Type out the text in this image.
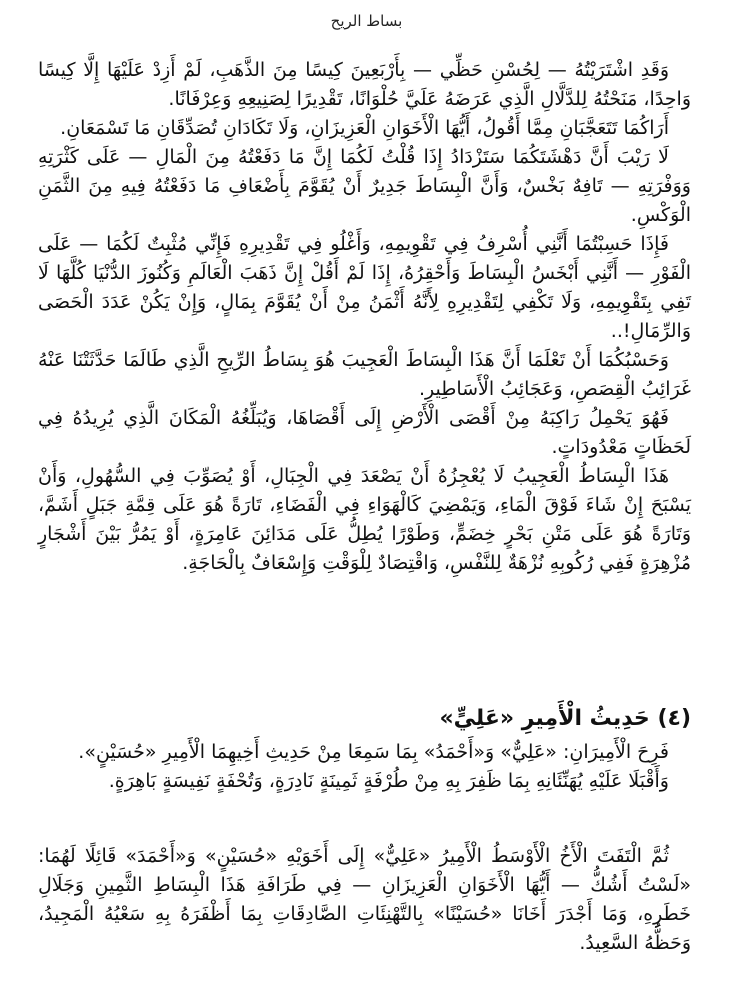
بساط الريح

وَقَدِ اشْتَرَيْتُهُ — لِحُسْنِ حَظِّي — بِأَرْبَعِينَ كِيسًا مِنَ الذَّهَبِ، لَمْ أَزِدْ عَلَيْهَا إِلَّا كِيسًا وَاحِدًا، مَنَحْتُهُ لِلدَّلَّالِ الَّذِي عَرَضَهُ عَلَيَّ حُلْوَانًا، تَقْدِيرًا لِصَنِيعِهِ وَعِرْفَانًا.

أَرَاكُمَا تَتَعَجَّبَانِ مِمَّا أَقُولُ، أَيُّهَا الْأَخَوَانِ الْعَزِيزَانِ، وَلَا تَكَادَانِ تُصَدِّقَانِ مَا تَسْمَعَانِ.

لَا رَيْبَ أَنَّ دَهْشَتَكُمَا سَتَزْدَادُ إِذَا قُلْتُ لَكُمَا إِنَّ مَا دَفَعْتُهُ مِنَ الْمَالِ — عَلَى كَثْرَتِهِ وَوَفْرَتِهِ — تَافِهٌ بَخْسٌ، وَأَنَّ الْبِسَاطَ جَدِيرٌ أَنْ يُقَوَّمَ بِأَضْعَافِ مَا دَفَعْتُهُ فِيهِ مِنَ الثَّمَنِ الْوَكْسِ.

فَإِذَا حَسِبْتُمَا أَنَّنِي أُسْرِفُ فِي تَقْوِيمِهِ، وَأَغْلُو فِي تَقْدِيرِهِ فَإِنِّي مُثْبِتٌ لَكُمَا — عَلَى الْفَوْرِ — أَنَّنِي أَبْخَسُ الْبِسَاطَ وَأَحْقِرُهُ، إِذَا لَمْ أَقُلْ إِنَّ ذَهَبَ الْعَالَمِ وَكُنُوزَ الدُّنْيَا كُلَّهَا لَا تَفِي بِتَقْوِيمِهِ، وَلَا تَكْفِي لِتَقْدِيرِهِ لِأَنَّهُ أَثْمَنُ مِنْ أَنْ يُقَوَّمَ بِمَالٍ، وَإِنْ يَكُنْ عَدَدَ الْحَصَى وَالرِّمَالِ!..

وَحَسْبُكُمَا أَنْ تَعْلَمَا أَنَّ هَذَا الْبِسَاطَ الْعَجِيبَ هُوَ بِسَاطُ الرِّيحِ الَّذِي طَالَمَا حَدَّثَتْنَا عَنْهُ غَرَائِبُ الْقِصَصِ، وَعَجَائِبُ الْأَسَاطِيرِ.

فَهُوَ يَحْمِلُ رَاكِبَهُ مِنْ أَقْصَى الْأَرْضِ إِلَى أَقْصَاهَا، وَيُبَلِّغُهُ الْمَكَانَ الَّذِي يُرِيدُهُ فِي لَحَظَاتٍ مَعْدُودَاتٍ.

هَذَا الْبِسَاطُ الْعَجِيبُ لَا يُعْجِزُهُ أَنْ يَصْعَدَ فِي الْجِبَالِ، أَوْ يُصَوِّبَ فِي السُّهُولِ، وَأَنْ يَسْبَحَ إِنْ شَاءَ فَوْقَ الْمَاءِ، وَيَمْضِيَ كَالْهَوَاءِ فِي الْفَضَاءِ، تَارَةً هُوَ عَلَى قِمَّةِ جَبَلٍ أَشَمَّ، وَتَارَةً هُوَ عَلَى مَتْنِ بَحْرٍ خِضَمٍّ، وَطَوْرًا يُطِلُّ عَلَى مَدَائِنَ عَامِرَةٍ، أَوْ يَمُرُّ بَيْنَ أَشْجَارٍ مُزْهِرَةٍ فَفِي رُكُوبِهِ نُزْهَةٌ لِلنَّفْسِ، وَاقْتِصَادٌ لِلْوَقْتِ وَإِسْعَافٌ بِالْحَاجَةِ.

(٤) حَدِيثُ الْأَمِيرِ «عَلِيٍّ»

فَرِحَ الْأَمِيرَانِ: «عَلِيٌّ» وَ«أَحْمَدُ» بِمَا سَمِعَا مِنْ حَدِيثِ أَخِيهِمَا الْأَمِيرِ «حُسَيْنٍ».

وَأَقْبَلَا عَلَيْهِ يُهَنِّئَانِهِ بِمَا ظَفِرَ بِهِ مِنْ طُرْفَةٍ ثَمِينَةٍ نَادِرَةٍ، وَتُحْفَةٍ نَفِيسَةٍ بَاهِرَةٍ.

ثُمَّ الْتَفَتَ الْأَخُ الْأَوْسَطُ الْأَمِيرُ «عَلِيٌّ» إِلَى أَخَوَيْهِ «حُسَيْنٍ» وَ«أَحْمَدَ» قَائِلًا لَهُمَا: «لَسْتُ أَشُكُّ — أَيُّهَا الْأَخَوَانِ الْعَزِيزَانِ — فِي طَرَافَةِ هَذَا الْبِسَاطِ الثَّمِينِ وَجَلَالِ خَطَرِهِ، وَمَا أَجْدَرَ أَخَانَا «حُسَيْنًا» بِالتَّهْنِئَاتِ الصَّادِقَاتِ بِمَا أَظْفَرَهُ بِهِ سَعْيُهُ الْمَجِيدُ، وَحَظُّهُ السَّعِيدُ.
